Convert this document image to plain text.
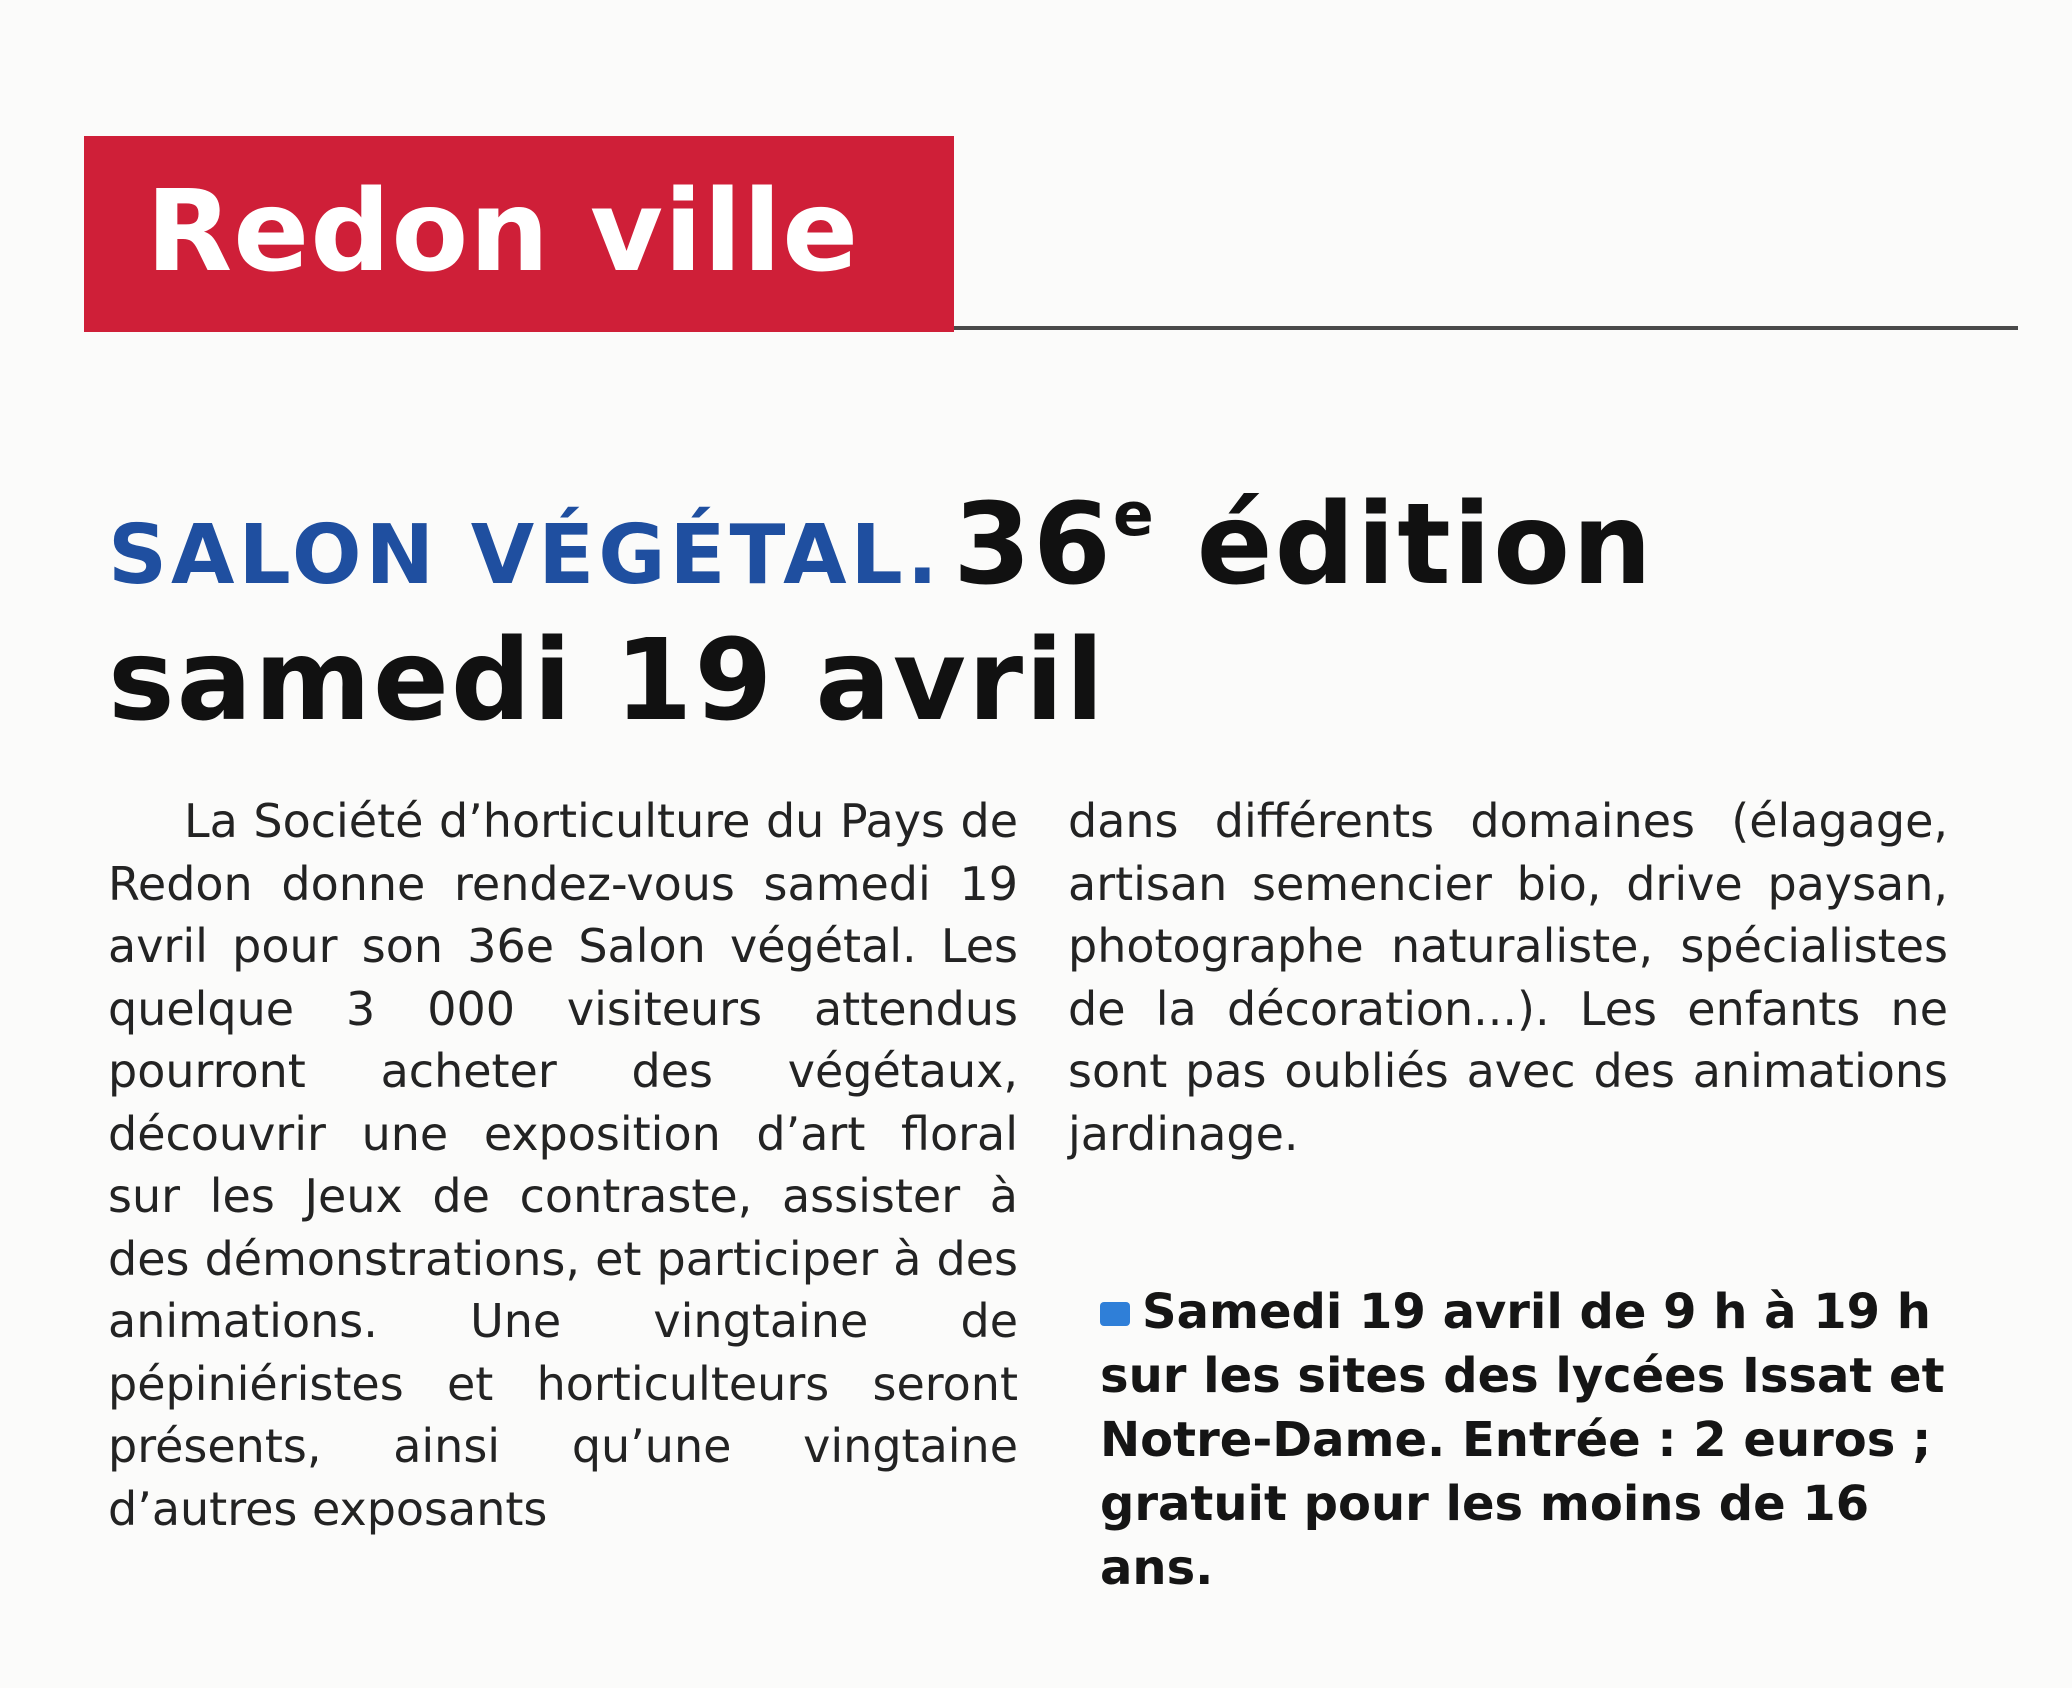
Redon ville
SALON VÉGÉTAL. 36e édition
samedi 19 avril

La Société d’horticulture du Pays de Redon donne rendez-vous samedi 19 avril pour son 36e Salon végétal. Les quelque 3 000 visiteurs attendus pourront acheter des végétaux, découvrir une exposition d’art floral sur les Jeux de contraste, assister à des démonstrations, et participer à des animations. Une vingtaine de pépiniéristes et horticulteurs seront présents, ainsi qu’une vingtaine d’autres exposants

dans différents domaines (élagage, artisan semencier bio, drive paysan, photographe naturaliste, spécialistes de la décoration...). Les enfants ne sont pas oubliés avec des animations jardinage.

Samedi 19 avril de 9 h à 19 h sur les sites des lycées Issat et Notre-Dame. Entrée : 2 euros ; gratuit pour les moins de 16 ans.
